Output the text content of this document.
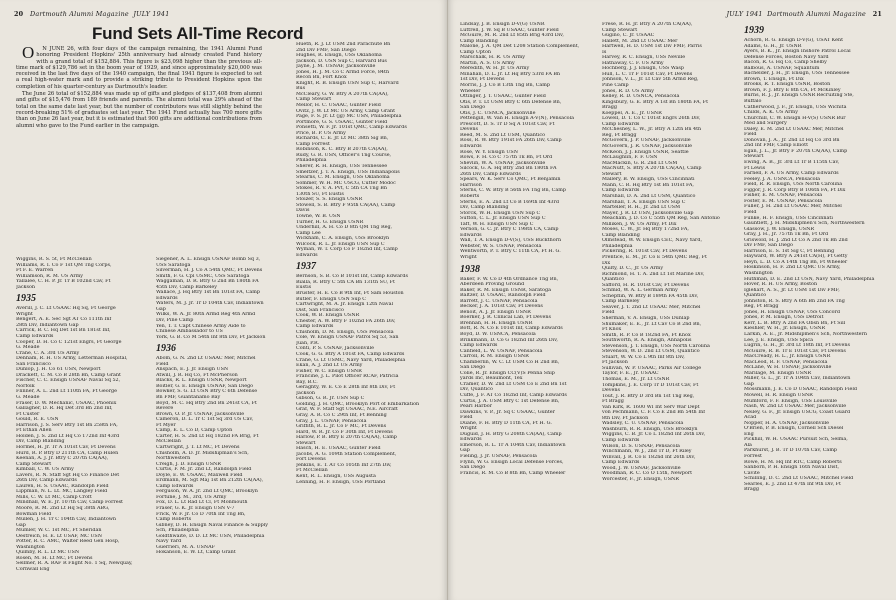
20 Dartmouth Alumni Magazine JULY 1941
Fund Sets All-Time Record

O	N JUNE 26, with four days of the campaign remaining, the 1941 Alumni Fund honoring President Hopkins' 25th anniversary had already created Fund history with a grand total of $152,884. This figure is $23,098 higher than the previous all-time mark of $129,786 set in the boom year of 1929, and since approximately $20,000 was received in the last five days of the 1940 campaign, the final 1941 figure is expected to set a real high-water mark and to provide a striking tribute to President Hopkins upon the completion of his quarter-century as Dartmouth's leader.

The June 26 total of $152,884 was made up of gifts and pledges of $137,408 from alumni and gifts of $15,476 from 189 friends and parents. The alumni total was 29% ahead of the total on the same date last year, but the number of contributors was still slightly behind the record-breaking 51% of graduates set last year. The 1941 Fund actually has 700 more gifts than on June 26 last year, but it is estimated that 900 gifts are additional contributions from alumni who gave to the Fund earlier in the campaign.

Wiggins, R. S. 5t, Ft McClellan
Williams, R. I. Co F 1st QM Tng Corps,
Ft F. E. Warren
Williamson, R. M. US Army
Yallalee, C. H. P. Jr. Tr B 102nd Cav, Ft
Jackson
1935
Averill, J. C. Lt USAAC Hq Sq, Ft George
Wright
Bengert, A. E. Sec Sgt AT Co 111th Inf
28th Div, Indiantown Gap
Carrick, B. C. Hq Det 1st Bn 181st Inf,
Camp Edwards
Cooper, D. H. Co C 121st Engrs, Ft George
G. Meade
Crane, C. A. 3rd US Army
Denham, R. H. US Army, Letterman Hospital,
San Francisco
Dunlop, J. H. Co 61 USN, Newport
Drackett, C. M. Co B 28th Bn, Camp Grant
Fischer, C. C. Ensign USNAF Naval Sq 52,
Norfolk
Flinner, A. L. 2nd Lt 110th FA, Ft George
G. Meade
Fraser, D. W. Mechanic, USAAC, Phoenix
Gallagher, D. R. Hq Det 3rd Bn 2nd Inf,
Ft Custer
Gould, R. E. USN
Harrison, J. S. Serv Btry 1st Bn 258th FA,
Ft Ethan Allen
Holden, J. S. 2nd Lt Hq Co 172nd Inf 43rd
Div, Camp Blanding
Hormel, H. Jr. Tr A 101st Cav, Ft Devens
Hurd, R. P. Btry D 211th CA, Camp Hulen
Keenan, A. J. Jr. Btry C 207th CA(AA),
Camp Stewart
Kimball, C. W. US Army
Lavers, R. N. Staff Sgt Hq Co Finance Det
26th Div, Camp Edwards
Lauren, H. S. USAAC, Randolph Field
Lippman, N. L. Lt. MC, Langley Field
Mills, C. W. Lt MC, Camp Croft
Mindhall, W. E. Jr. 107th Cav, Camp Forrest
Moore, R. M. 2nd Lt Hq Sq 38th ABG,
Bowman Field
Mullen, J. H. Tr C 104th Cav, Indiantown
Gap
Mumler, W. C. 1st MC, Ft Sheridan
Oestreich, H. E. Lt USAF, MC USN
Potter, R. C. AMC, Walter Reed Gen Hosp,
Washington
Quimby, R. L. Lt MC USN
Rosen, M. H. Lt MC, Ft Devens
Sellmer, R. A. RAF R Flight No. 1 Sq, Newquay,
Cornwall Eng
Siegener, A. L. Ensign USNAF Bomb Sq 3,
USS Saratoga
Silverman, H. J. Co A 54th QMC, Ft Devens
Smith, F. G. Cpl USMC, USS Saratoga
Waggaman, D. R. Btry G 2nd Bn 180th FA
45th Div, Camp Barkeley
Wallace, J. Hq Btry 1st Bn 101st FA, Camp
Edwards
Waters, M. J. Jr. Tr D 104th Cav, Indiantown
Gap
Wilks, W. A. Jr. 80th Armd Reg 4th Armd
Div, Pine Camp
Yen, T. T. Capt Chinese Army Aide to
Chinese Ambassador to US
York, G. B. Co M 54th Inf 8th Div, Ft Jackson
1936
Abom, G. N. 2nd Lt USAAC Mer, Mitchel
Field
Anspach, E. J. Jr. Ensign USN
Atwill, J. R. Hq Co, Ft McPherson
Blacks, R. L. Ensign USNR, Newport
Boitler, G. E. Ensign USNAF, San Diego
Bowker, S. G. Lt USN Btry C 6th Defense
Bn FMF, Guantanamo Bay
Boyd, M. C. Hq Btry 2nd Bn 241st CA, Ft
Revere
Brown, O. P. Jr. USNAF, Jacksonville
Cameron, D. L. Tr C 1st Sq 3rd US Cav,
Ft Myer
Camp, E. L. Co D, Camp Upton
Carter, H. S. 2nd Lt Hq 182nd FA Brig, Ft
McClellan
Cartwright, J. T. Lt MC, Ft Devens
Chisholm, A. D. Jr. Midshipman's Sch,
Northwestern
Creigh, J. D. Ensign USNR
Curtis, F. M. Jr. 2nd Lt, Randolph Field
Doyle, E. W. USAAC, Maxwell Field
Erdmann, M. Sgt Maj 1st Bn 212th CA(AA),
Camp Edwards
Ferguson, W. A. Jr. 2nd Lt QMC, Brooklyn
Fortune, J. M., 3rd, US Army
Fox, D. L. Lt Rad Lt Cl, Ft Monmouth
Fraser, G. K. Jr. Ensign USN V-7
Frick, W. F. Jr. Co D 70th Inf Tng Bn,
Camp Roberts
Gibney, D. H. Ensign Naval Finance & Supply
Sch, Philadelphia
Goldthwaite, D. D. Lt MC USN, Philadelphia
Navy Yard
Guerrieri, M. A. USNAF
Hokanson, E. W. Lt, Camp Grant
Hueth, R. J. Lt USM 2nd Parachute Bn
2nd Div FMF, San Diego
Hughes, R. Ensign, USS Oklahoma
Jackson, D. USN Sup C, Harvard Bus
Jayne, J. M. USNAF, Jacksonville
Jones, H. J. M. Co C Armd Force, 84th
Recon Bn, Fort Knox
Knight, R. B. Ensign USN Sup C, Harvard
Bus
McCleary, G. W. Btry A 207th CA(AA),
Camp Stewart
Mellor, H. C. USAAC, Gunter Field
Ovitz, J. W. Lt MC US Army, Camp Grant
Page, F. S. Jr. Lt (jg) MC USN, Philadelphia
Portmore, G. S. USAAC, Gunter Field
Ponsetti, W. F. Jr. 101st QMC, Camp Edwards
Price, B. P. US Army
Richards, C. E. Jr. Lt MC 38th Sig Bn,
Camp Forrest
Robinson, K. C. Btry B 207th CA(AA),
Rudy, G. R. USN, Officer's Tng Course,
Philadelphia
Sherer, R. H. Ensign, USS Tennessee
Smeltzer, J. T. A. Ensign, USS Indianapolis
Stearns, C. M. Ensign, USS Oklahoma
Sommer, W. H. MC USCG, Cutter Modoc
Stokes, R. V. A. Pvt, C 5th CA Tng Bn
130th SU, Ft Eustis
Stoizer, S. S. Ensign USNR
Stowell, S. B. Btry F 95th CA(AA), Camp
Davis
Towne, W. B. USN
Turner, H. G. Ensign USNR
Underhill, A. H. Co D 8th QM Tng Reg,
Camp Lee
Wickham, C. A. Ensign, USS Brooklyn
Wilcock, R. L. Jr. Ensign USN Sup C
Wyman, W. T. Corp Co F 182nd Inf, Camp
Edwards
1937
Bernson, S. B. Co B 101st Inf, Camp Edwards
Bialla, R. Btry C 5th CA Bn 131th SU, Ft
Eustis
Bruster, H. E. Co B 9th Inf, Ft Sam Houston
Butler, F. Ensign USN Sup C
Cartwright, M. A. Jr. Ensign 12th Naval
Dist, San Francisco
Cook, W. B. Ensign USNR
Chester, A. W. Btry F 102nd FA 26th Div,
Camp Edwards
Chisholm, D. M. Ensign, USS Pensacola
Cole, W. Ensign USNAF Patrol Sq 53, San
Juan, P.R.
Conti, P. S. USNAF, Jacksonville
Cook, G. G. Btry A 101st FA, Camp Edwards
Crane, G. Lt USMC, Navy Yard, Philadelphia
Ekan, A. J. 2nd Lt US Army
Fisher, W. C. Ensign USNR
Francine, J. L. Pilot Officer RCAF, Patricia
Bay, B.C.
Geraghty, W. E. Co E 28th Inf 8th Div, Ft
Jackson
Gibson, G. R. Jr. USN Sup C
Golding, J. H. QMC, Brooklyn Port of Embarkation
Graf, W. F. Staff Sgt USAAC, N.E. Aircraft
Gray, A. R. Co C 29th Inf, Ft Benning
Gray, J. L. USNAF, Pensacola
Griffith, R. L. Jr. Co F MC, Ft Devens
Hard, W. R. Jr. Co F 30th Inf, Ft Devens
Harlow, P. B. Btry E 207th CA(AA), Camp
Stewart
Hasch, H. E. USAAC, Gunter Field
Jacobs, A. G. 109th Station Complement,
Fort Devens
Jenkins, E. T. AT Co 105th Inf 27th Div,
Ft McClellan
Kent, R. L. Ensign, USS Augusta
Lenning, H. F. Ensign, USS Portland
JULY 1941 Dartmouth Alumni Magazine 21
Lindsay, J. B. Ensign D-V(G) USNR
Luttrell, J. W. Sq B USAAC, Gunter Field
McGuire, M. R. 2nd Lt 85th Brig 43rd Div,
Camp Blanding
Malone, J. A. QM Det 1208 Station Complement,
Camp Upton
Marschalk, H. R. US Army
Martin, A. S. US Army
Meredith, W. H. Jr. US Army
Minahan, D. L. Jr. Lt Hq Btry 53rd FA Bn
1st Div, Ft Devens
Morris, J. J. Co B 13th Tng Bn, Camp
Wheeler
Ottinger, J. T. USAAC, Gunter Field
Otis, P. T. Lt USM Btry C 6th Defense Bn,
San Diego
Otis, J. C. USNCA, Jacksonville
Pettengill, W. Van H. Ensign A-V(N), Pensacola
Prescott, D. S. Tr D Sq A 101st Cav, Ft
Devens
Reed, M. S. 2nd Lt USM, Quantico
Ross, R. W. Btry 191st FA 26th Div, Camp
Edwards
Rose, W. Y. Ensign USN
Rows, F. H. Co C 757th Tk Bn, Ft Ord
Shevlin, W. A. USNAF, Jacksonville
Silcock, G. A. Hq Btry 2nd Bn 180th FA
26th Div, Camp Edwards
Spears, W. K. Serv Co QMC, Ft Benjamin
Harrison
Sterns, C. W. Btry B 56th FA Tng Bn, Camp
Roberts
Sterns, E. A. 2nd Lt Co B 169th Inf 43rd
Div, Camp Blanding
Storck, W. H. Ensign USN Sup C
Sutton, C. L. Jr. Ensign USN Sup C
Taft, W. H. Ensign USN Sup C
Vernon, G. C. Jr. Btry C 198th CA, Camp
Edwards
Wall, T. A. Ensign D-V(S), USS Buckthorn
Webster, W. S. USNAF, Pensacola
Wentworth, P. T. Btry C 11th CA, Ft H. G.
Wright
1938
Baker, F. W. Co D 4th Ordnance Tng Bn,
Aberdeen Proving Ground
Baker, R. M. Ensign USNR, Saratoga
Baltzer, D. USAAC, Randolph Field
Barrett, J. C. USNAF, Pensacola
Becker, J. A. 101st Cav, Ft Devens
Benoit, A. J. Jr. Ensign USNR
Boerker, J. R. Clinical Lab, Ft Devens
Brennan, H. H. Ensign USNR
Bott, R. N. Co E 101st Inf, Camp Edwards
Boyd, D. W. USNCA, Pensacola
Brinkmann, D. Co G 182nd Inf 26th Div,
Camp Edwards
Canfield, L. W. USNAF, Pensacola
Carroll, R. M. Ensign USNR
Chamberlin, W. C. Lt USM Co H 2nd Bn,
San Diego
Colie, R. Jr. Ensign CC(V)S Penna Ship
yards Inc, Beaumont, Tex
Cramer, D. W. 2nd Lt USM Co E 2nd Bn 1st
Div, Quantico
Cuffe, J. F. AT Co 182nd Inf, Camp Edwards
Curtis, J. A. USM Btry C 1st Defense Bn,
Pearl Harbor
Dawkins, V. P., Jr. Sq C USAAC, Gunter
Field
Duane, F. H. Btry D 11th CA, Ft H. G.
Wright
Duguid, J. H. Btry G 208th CA(AA), Camp
Edwards
Emerson, R. L. Tr A 104th Cav, Indiantown
Gap
Fieling, J. Jr. USNAF, Pensacola
Flynn, W. G. Ensign Local Defense Forces,
San Diego
Francis, R. M. Co B 8th Bn, Camp Wheeler
Frese, R. H. Jr. Btry A 207th CA(AA),
Camp Stewart
Gugino, C. Jr. USAAC
Hallett, M. 2nd Lt USAAC Mer
Hartwell, H. D. USM 1st Div FMF, Parris
Is
Harvey, R. C. Ensign, USS Neville
Hathaway, C. F. US Army
Hochberg, J. J. Ensign, USS Wasp
Hull, L. C. Tr F 101st Cav, Ft Devens
Johnson, V. L., Jr. Lt Cav 5th Armd Reg,
Pine Camp
Jones, R. D. US Army
Kelley, R. D. USNCA, Pensacola
Kingsbury, G. E. Btry A 1st Bn 180th FA, Ft
Bragg
Koeppel, A. E., Jr. USNR
Lowell, D. T. Co C 101st Engrs 26th Div,
Camp Edwards
McChesney, L. W., Jr. Btry A 12th Bn 4th
Reg, Ft Bragg
McGovern, J. P. USNAF, Jacksonville
McGovern, J. R. USNAF, Jacksonville
McKeon, J. J. Ensign USNR, Seattle
McLaughlin, F. F. USN
MacMackin, G. R. 2nd Lt USM
MacNutt, S. Btry A 207th CA(AA), Camp
Stewart
Mallery, B. W. Ensign, USS Cincinnati
Mann, C. R. Hq Btry 1st Bn 101st FA,
Camp Edwards
Marshall, D. A. 2nd Lt USM, Quantico
Marshall, T. A. Ensign USN Sup C
Marteller, R. H., Jr. 2nd Lt USM
Mayer, J. R. Lt USN, Jacksonville Gap
Meacham, J. D. Co C 55th QM Reg, San Antonio
Milliken, J. W. US Army, Ft Dix
Moses, C. W., Jr. Hq Btry 172nd FA,
Camp Blanding
Olmstead, W. W. Ensign CEC, Navy Yard,
Philadelphia
Pickering, R. 101st Cav, Ft Devens
Prentice, E. M., Jr. Co E 54th QMC Reg, Ft
Dix
Quilty, D. C., Jr. US Army
Richmond, H. T. A. 2nd Lt 1st Marine Div,
Quantico
Safford, H. R. 101st Cav, Ft Devens
Schmid, W. A. L. German Army
Schepflin, W. Btry B 189th FA 45th Div,
Camp Barkeley
Seaver, J. T. 2nd Lt USAAC Mer, Mitchel
Field
Sherman, V. A. Ensign, USS Dunlap
Shumaker, E. E., Jr. Lt Cav Co B 2nd Bn,
Ft Knox
Smith, R. P. Co B 182nd FA, Ft Knox
Southworth, R. A. Ensign, Annapolis
Stevenson, J. T. Ensign, USS North Carolina
Stevenson, W. D. 2nd Lt USM, Quantico
Stuart, W. W. Co L 9th Inf 8th Div,
Ft Jackson
Sullivan, W. P. USAAC, Parks Air College
Taylor, F. E., Jr. USAAC
Thomas, E. M., Jr. Lt USNR
Tompkins, J. E. Corp Tr D 101st Cav, Ft
Devens
Tout, J. R. Btry D 3rd Bn 1st Tng Reg,
Ft Bragg
Van Kirk, R. 1600 WI Int Serv War Dept
von Pechmann, C. F. Co E 2nd Bn 54th Inf
8th Div, Ft Jackson
Wadsley, C. U. USNAF, Pensacola
Washburn, R. R. Ensign, USS Brooklyn
Wiggins, C. B. Jr. Co L 182nd Inf 26th Div,
Camp Edwards
Wilson, D. S. USNAF, Pensacola
Winchmann, W. J., 2nd Tr D, Ft Riley
Winvall, J. R. Co E 182nd Inf 26th Div,
Camp Edwards
Wood, J. W. USNAF, Jacksonville
Woodman, R. C. Co O 15th, Newport
Worcester, F., Jr. Ensign, USNR
1939
Achorn, R. G. Ensign D-V(G), USAT Kent
Adams, G. H., Jr. USNR
Ayers, B. K., Jr. Ensign Inshore Patrol Local
Defense Forces, Boston Navy Yard
Bacon, R. G. Hq Co, Camp Shelby
Balbous, A. USNAF, Squantum
Bachelder, J. H., Jr. Ensign, USS Tennessee
Brown, T. Ensign, Ft Dix
Brooks, R. T. Ensign USNR, Boston
Brown, F. J. Btry E 8th CA, Ft McKinley
Burns, R. J., Jr. Ensign USNR Recruiting Ste,
Buffalo
Catherwood, J. F., Jr. Ensign, USS Wichita
Childs, A. K. US Army
Churchill, C. W. Ensign H-V(S) USNR Bur
Med and Surgery
Daley, E. M. 2nd Lt USAAC Mer, Mitchel
Field
Donovan, J. A., Jr. 2nd Lt Hq Co 3rd Bn
2nd Inf FMF, Camp Elliott
Egan, J. L., Jr. Btry F 207th CA(AA), Camp
Stewart
Ewing, A. B., Jr. 3rd Lt Tr B 115th Cav,
Ft Lewis
Farnell, F. A. US Army, Camp Edwards
Feeley, J. A. USNCA, Pensacola
Field, R. R. Ensign, USS North Carolina
Figgor, J. R. Corp Btry B 106th FA, Ft Dix
Fisher, E. M. USNAF, Pensacola
Foster, E. M. USNAF, Pensacola
Fuller, J. H. 2nd Lt USAAC Mer, Mitchel
Field
Funke, H. F. Ensign, USS Cincinnati
Gauntlett, J. H. Midshipmen's Sch, Northwestern
Glassow, J. W. Ensign, USNR
Gray, J. H., Jr. 757th Tk Bn, Ft Ord
Griswold, H. J. 2nd Lt Co A 2nd Tk Bn 2nd
Div FMF, San Diego
Harrison, E. S. 1st Sig C, Ft Benning
Hayward, W. Btry A 241st CA(H), Ft Getty
Heyn, L. D. Co A 14th Tng Bn, Ft Wheeler
Hoskinson, H. F. 2nd Lt QMC US Army,
Washington
Huthman, D. E. 2nd Lt USN, Navy Yard, Philadelphia
Hover, R. H. US Army, Boston
Iglehart, A. S., Jr. Lt USM 1st Div FMF,
Quantico
Johnston, R. S. Btry A 6th Bn 2nd FA Tng
Reg, Ft Bragg
Jones, H. Ensign USNAF, USS Concord
Jones, P. M. Ensign, USS Detroit
Kerr, L. B. Btry A 2nd FA Obsn Bn, Ft Sill
Kieshler, W. H., Jr. Ensign, USNR
Larkin, A. E., Jr. Midshipmen's Sch, Northwestern
Lee, J. E. Ensign, USS Spica
Lugrin, G. H., Jr. 3rd Lt 18th Inf, Ft Devens
McGuire, R. B. Tr E 101st Cav, Ft Devens
MacCready, H. L., Jr. Ensign USNR
MacLeod, R. F. USNAF, Pensacola
McLane, W. H. USNAF, Jacksonville
Marilage, M. Ensign USNR
Miller, G. L., Jr. Tr A 104th Cav, Indiantown
Gap
Mossmann, J. E. Co D USAAC, Randolph Field
Mowell, H. R. Ensign USNR
Mumford, F. F. Ensign, USS Louisville
Nash, W. 2nd Lt USAAC Mer, Jacksonville
Neiley, G. F., Jr. Ensign USCG, Coast Guard
Acad
Nopper, H. A. USNAF, Jacksonville
O'Brien, P. B. Ensign, Cornell Sch Diesel
Eng
Pickhill, W. H. USAAC Pursuit Sch, Selma,
Ala
Parkhurst, J. B. Tr D 107th Cav, Camp
Forrest
Rowe, H. M. Hq Inf RTC, Camp Roberts
Sanborn, P. H. Ensign 16th Naval Dist,
Cavite
Schilling, D. C. 2nd Lt USAAC, Mitchel Field
Searles, E. J. 2nd Lt 47th Inf 9th Div, Ft
Bragg
